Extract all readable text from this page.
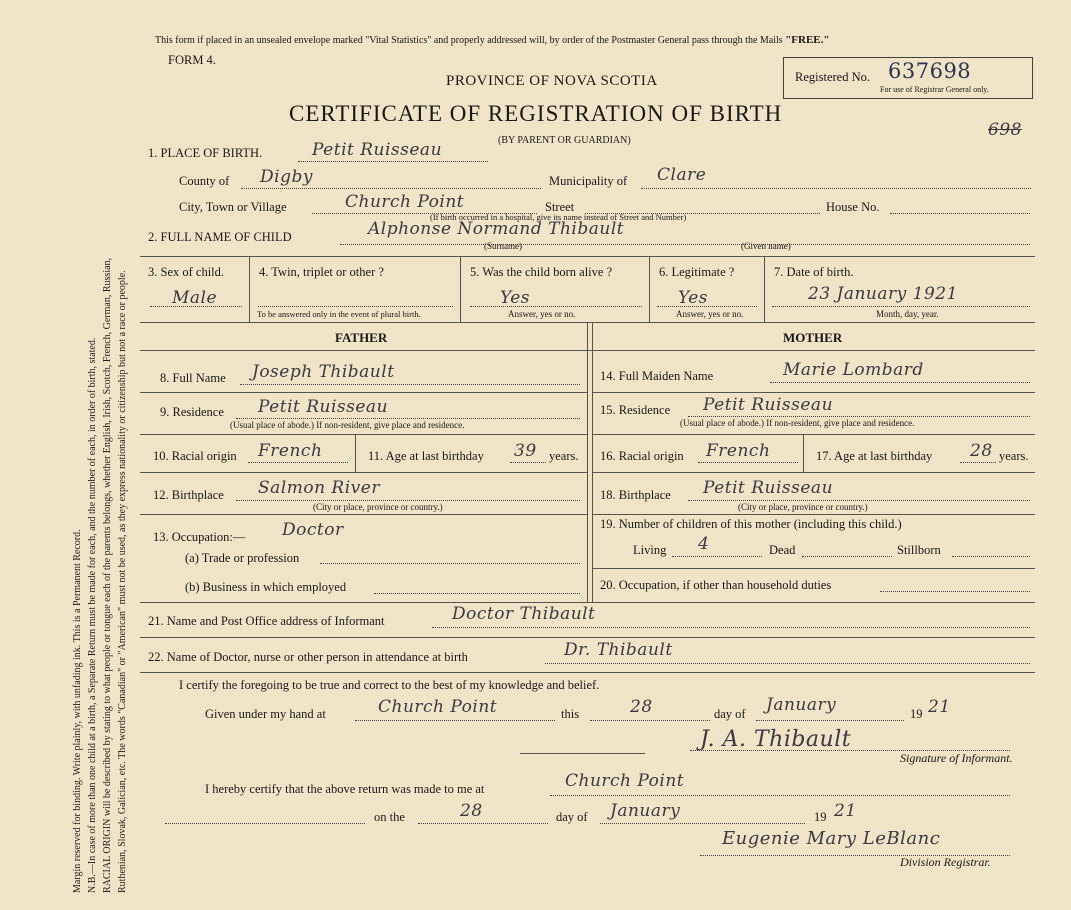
Margin reserved for binding. Write plainly, with unfading ink. This is a Permanent Record. N.B.—In case of more than one child at a birth, a Separate Return must be made for each, and the number of each, in order of birth, stated. RACIAL ORIGIN will be described by stating to what people or tongue each of the parents belongs, whether English, Irish, Scotch, French, German, Russian, Ruthenian, Slovak, Galician, etc. The words "Canadian" or "American" must not be used, as they express nationality or citizenship but not a race or people.
This form if placed in an unsealed envelope marked "Vital Statistics" and properly addressed will, by order of the Postmaster General pass through the Mails "FREE."
FORM 4.
PROVINCE OF NOVA SCOTIA
CERTIFICATE OF REGISTRATION OF BIRTH
(BY PARENT OR GUARDIAN)
Registered No. 637698
For use of Registrar General only.
698
1. PLACE OF BIRTH.	Petit Ruisseau
County of Digby	Municipality of Clare
City, Town or Village	Church Point	Street	House No.
(If birth occurred in a hospital, give its name instead of Street and Number)
2. FULL NAME OF CHILD	Alphonse Normand Thibault
(Surname)	(Given name)
3. Sex of child.
Male
4. Twin, triplet or other ?
To be answered only in the event of plural birth.
5. Was the child born alive ?
Yes
Answer, yes or no.
6. Legitimate ?
Yes
Answer, yes or no.
7. Date of birth.
23 January 1921
Month, day, year.
FATHER	MOTHER
8. Full Name Joseph Thibault
9. Residence Petit Ruisseau
(Usual place of abode.) If non-resident, give place and residence.
10. Racial origin French	11. Age at last birthday 39 years.
12. Birthplace Salmon River
(City or place, province or country.)
13. Occupation:— Doctor
(a) Trade or profession
(b) Business in which employed
14. Full Maiden Name	Marie Lombard
15. Residence Petit Ruisseau
(Usual place of abode.) If non-resident, give place and residence.
16. Racial origin French	17. Age at last birthday 28 years.
18. Birthplace Petit Ruisseau
(City or place, province or country.)
19. Number of children of this mother (including this child.)
Living 4	Dead	Stillborn
20. Occupation, if other than household duties
21. Name and Post Office address of Informant	Doctor Thibault
22. Name of Doctor, nurse or other person in attendance at birth	Dr. Thibault
I certify the foregoing to be true and correct to the best of my knowledge and belief.
Given under my hand at	Church Point	this	28	day of January	19 21
J. A. Thibault
Signature of Informant.
I hereby certify that the above return was made to me at	Church Point
on the	28	day of January	19 21
Eugenie Mary LeBlanc
Division Registrar.
